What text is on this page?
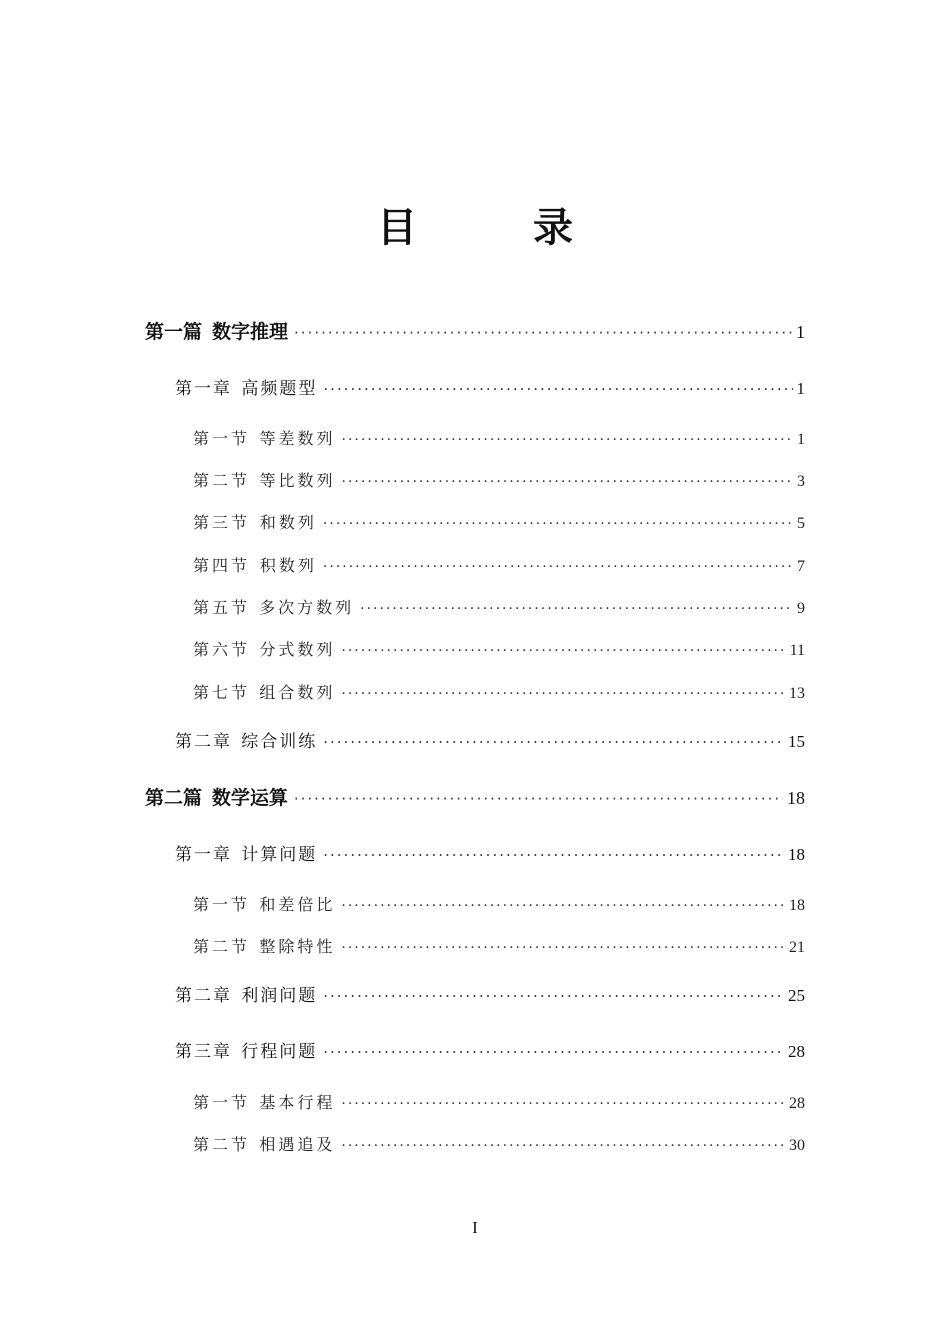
目　录
第一篇 数字推理 ·····	1
第一章 高频题型 ·····	1
第一节 等差数列 ·····	1
第二节 等比数列 ·····	3
第三节 和数列 ·····	5
第四节 积数列 ·····	7
第五节 多次方数列 ·····	9
第六节 分式数列 ·····	11
第七节 组合数列 ·····	13
第二章 综合训练 ·····	15
第二篇 数学运算 ·····	18
第一章 计算问题 ·····	18
第一节 和差倍比 ·····	18
第二节 整除特性 ·····	21
第二章 利润问题 ·····	25
第三章 行程问题 ·····	28
第一节 基本行程 ·····	28
第二节 相遇追及 ·····	30
I
